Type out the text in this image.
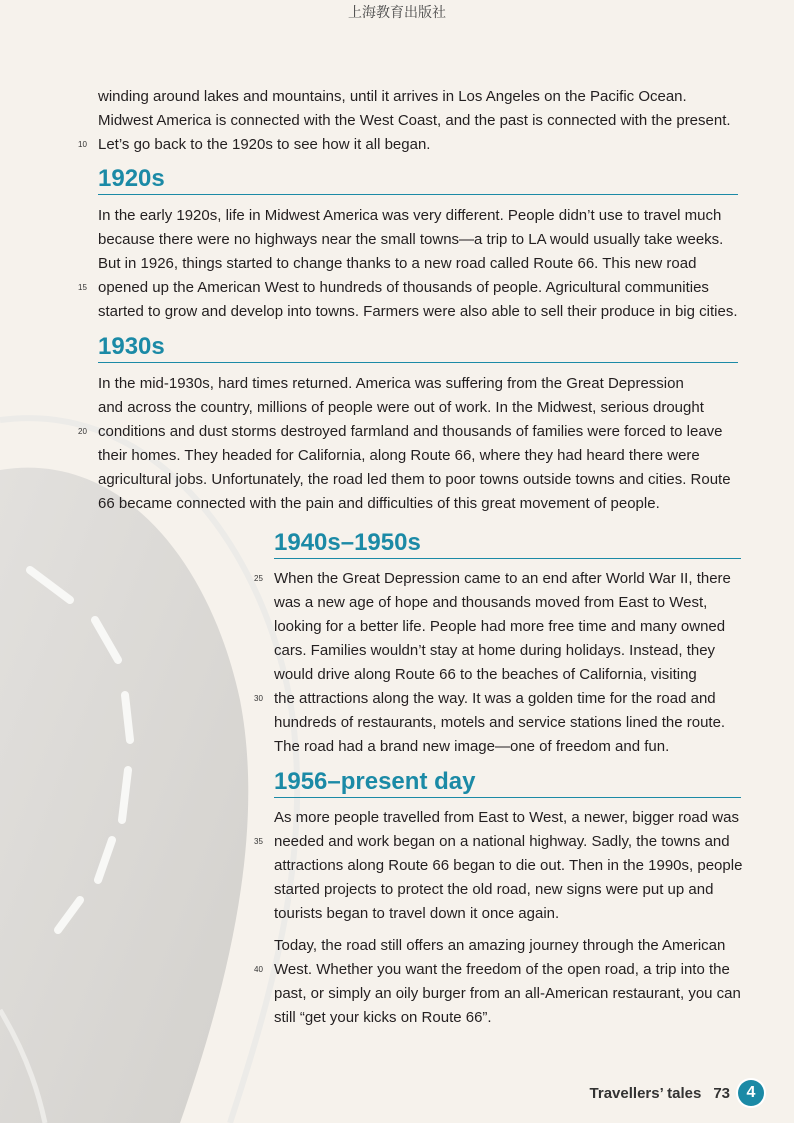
上海教育出版社
winding around lakes and mountains, until it arrives in Los Angeles on the Pacific Ocean.
Midwest America is connected with the West Coast, and the past is connected with the present.
10 Let’s go back to the 1920s to see how it all began.
1920s
In the early 1920s, life in Midwest America was very different. People didn’t use to travel much
because there were no highways near the small towns—a trip to LA would usually take weeks.
But in 1926, things started to change thanks to a new road called Route 66. This new road
15 opened up the American West to hundreds of thousands of people. Agricultural communities
started to grow and develop into towns. Farmers were also able to sell their produce in big cities.
1930s
In the mid-1930s, hard times returned. America was suffering from the Great Depression
and across the country, millions of people were out of work. In the Midwest, serious drought
20 conditions and dust storms destroyed farmland and thousands of families were forced to leave
their homes. They headed for California, along Route 66, where they had heard there were
agricultural jobs. Unfortunately, the road led them to poor towns outside towns and cities. Route
66 became connected with the pain and difficulties of this great movement of people.
1940s–1950s
25 When the Great Depression came to an end after World War II, there
was a new age of hope and thousands moved from East to West,
looking for a better life. People had more free time and many owned
cars. Families wouldn’t stay at home during holidays. Instead, they
would drive along Route 66 to the beaches of California, visiting
30 the attractions along the way. It was a golden time for the road and
hundreds of restaurants, motels and service stations lined the route.
The road had a brand new image—one of freedom and fun.
1956–present day
As more people travelled from East to West, a newer, bigger road was
35 needed and work began on a national highway. Sadly, the towns and
attractions along Route 66 began to die out. Then in the 1990s, people
started projects to protect the old road, new signs were put up and
tourists began to travel down it once again.
Today, the road still offers an amazing journey through the American
40 West. Whether you want the freedom of the open road, a trip into the
past, or simply an oily burger from an all-American restaurant, you can
still “get your kicks on Route 66”.
Travellers’ tales 73	4
